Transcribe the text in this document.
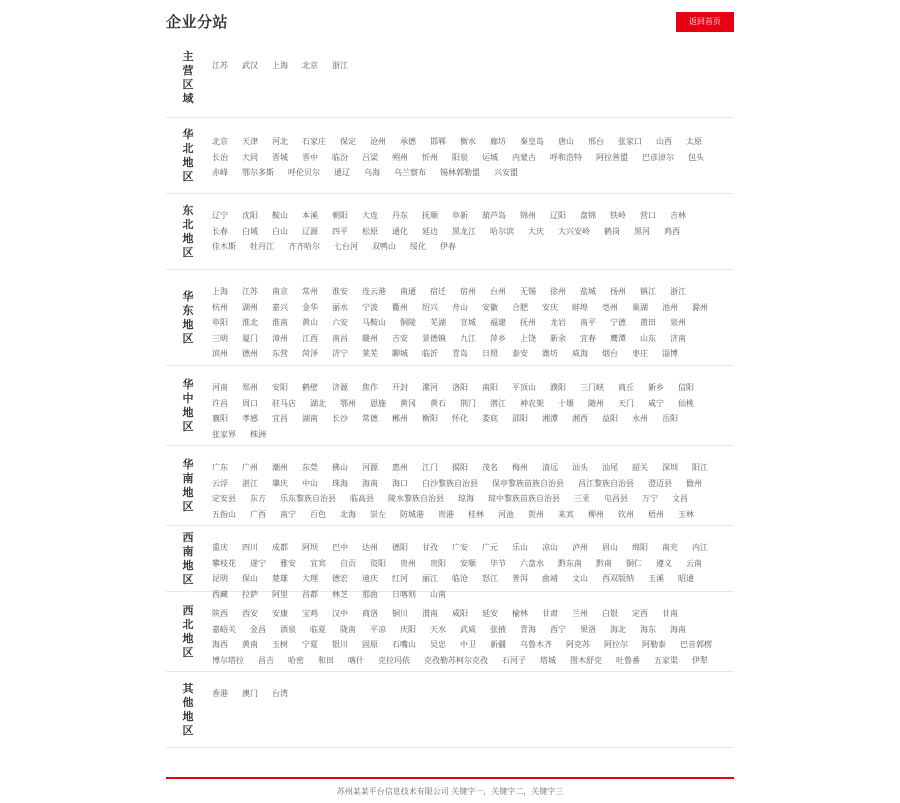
企业分站	返回首页
主营区域
江苏 武汉 上海 北京 浙江
华北地区
北京 天津 河北 石家庄 保定 沧州 承德 邯郸 衡水 廊坊 秦皇岛 唐山 邢台 张家口 山西 太原
长治 大同 晋城 晋中 临汾 吕梁 朔州 忻州 阳泉 运城 内蒙古 呼和浩特 阿拉善盟 巴彦淖尔 包头
赤峰 鄂尔多斯 呼伦贝尔 通辽 乌海 乌兰察布 锡林郭勒盟 兴安盟
东北地区
辽宁 沈阳 鞍山 本溪 朝阳 大连 丹东 抚顺 阜新 葫芦岛 锦州 辽阳 盘锦 铁岭 营口 吉林
长春 白城 白山 辽源 四平 松原 通化 延边 黑龙江 哈尔滨 大庆 大兴安岭 鹤岗 黑河 鸡西
佳木斯 牡丹江 齐齐哈尔 七台河 双鸭山 绥化 伊春
华东地区
上海 江苏 南京 常州 淮安 连云港 南通 宿迁 宿州 台州 无锡 徐州 盐城 扬州 镇江 浙江
杭州 湖州 嘉兴 金华 丽水 宁波 衢州 绍兴 舟山 安徽 合肥 安庆 蚌埠 亳州 巢湖 池州 滁州
阜阳 淮北 淮南 黄山 六安 马鞍山 铜陵 芜湖 宣城 福建 抚州 龙岩 南平 宁德 莆田 泉州
三明 厦门 漳州 江西 南昌 赣州 吉安 景德镇 九江 萍乡 上饶 新余 宜春 鹰潭 山东 济南
滨州 德州 东营 菏泽 济宁 莱芜 聊城 临沂 青岛 日照 泰安 潍坊 威海 烟台 枣庄 淄博
华中地区
河南 郑州 安阳 鹤壁 济源 焦作 开封 漯河 洛阳 南阳 平顶山 濮阳 三门峡 商丘 新乡 信阳
许昌 周口 驻马店 湖北 鄂州 恩施 黄冈 黄石 荆门 潜江 神农架 十堰 随州 天门 咸宁 仙桃
襄阳 孝感 宜昌 湖南 长沙 常德 郴州 衡阳 怀化 娄底 邵阳 湘潭 湘西 益阳 永州 岳阳
张家界 株洲
华南地区
广东 广州 潮州 东莞 佛山 河源 惠州 江门 揭阳 茂名 梅州 清远 汕头 汕尾 韶关 深圳 阳江
云浮 湛江 肇庆 中山 珠海 海南 海口 白沙黎族自治县 保亭黎族苗族自治县 昌江黎族自治县 澄迈县 儋州
定安县 东方 乐东黎族自治县 临高县 陵水黎族自治县 琼海 琼中黎族苗族自治县 三亚 屯昌县 万宁 文昌
五指山 广西 南宁 百色 北海 崇左 防城港 贵港 桂林 河池 贺州 来宾 柳州 钦州 梧州 玉林
西南地区
重庆 四川 成都 阿坝 巴中 达州 德阳 甘孜 广安 广元 乐山 凉山 泸州 眉山 绵阳 南充 内江
攀枝花 遂宁 雅安 宜宾 自贡 资阳 贵州 贵阳 安顺 毕节 六盘水 黔东南 黔南 铜仁 遵义 云南
昆明 保山 楚雄 大理 德宏 迪庆 红河 丽江 临沧 怒江 普洱 曲靖 文山 西双版纳 玉溪 昭通
西藏 拉萨 阿里 昌都 林芝 那曲 日喀则 山南
西北地区
陕西 西安 安康 宝鸡 汉中 商洛 铜川 渭南 咸阳 延安 榆林 甘肃 兰州 白银 定西 甘南
嘉峪关 金昌 酒泉 临夏 陇南 平凉 庆阳 天水 武威 张掖 青海 西宁 果洛 海北 海东 海南
海西 黄南 玉树 宁夏 银川 固原 石嘴山 吴忠 中卫 新疆 乌鲁木齐 阿克苏 阿拉尔 阿勒泰 巴音郭楞
博尔塔拉 昌吉 哈密 和田 喀什 克拉玛依 克孜勒苏柯尔克孜 石河子 塔城 图木舒克 吐鲁番 五家渠 伊犁
其他地区
香港 澳门 台湾
苏州某某平台信息技术有限公司 关键字一，关键字二，关键字三
